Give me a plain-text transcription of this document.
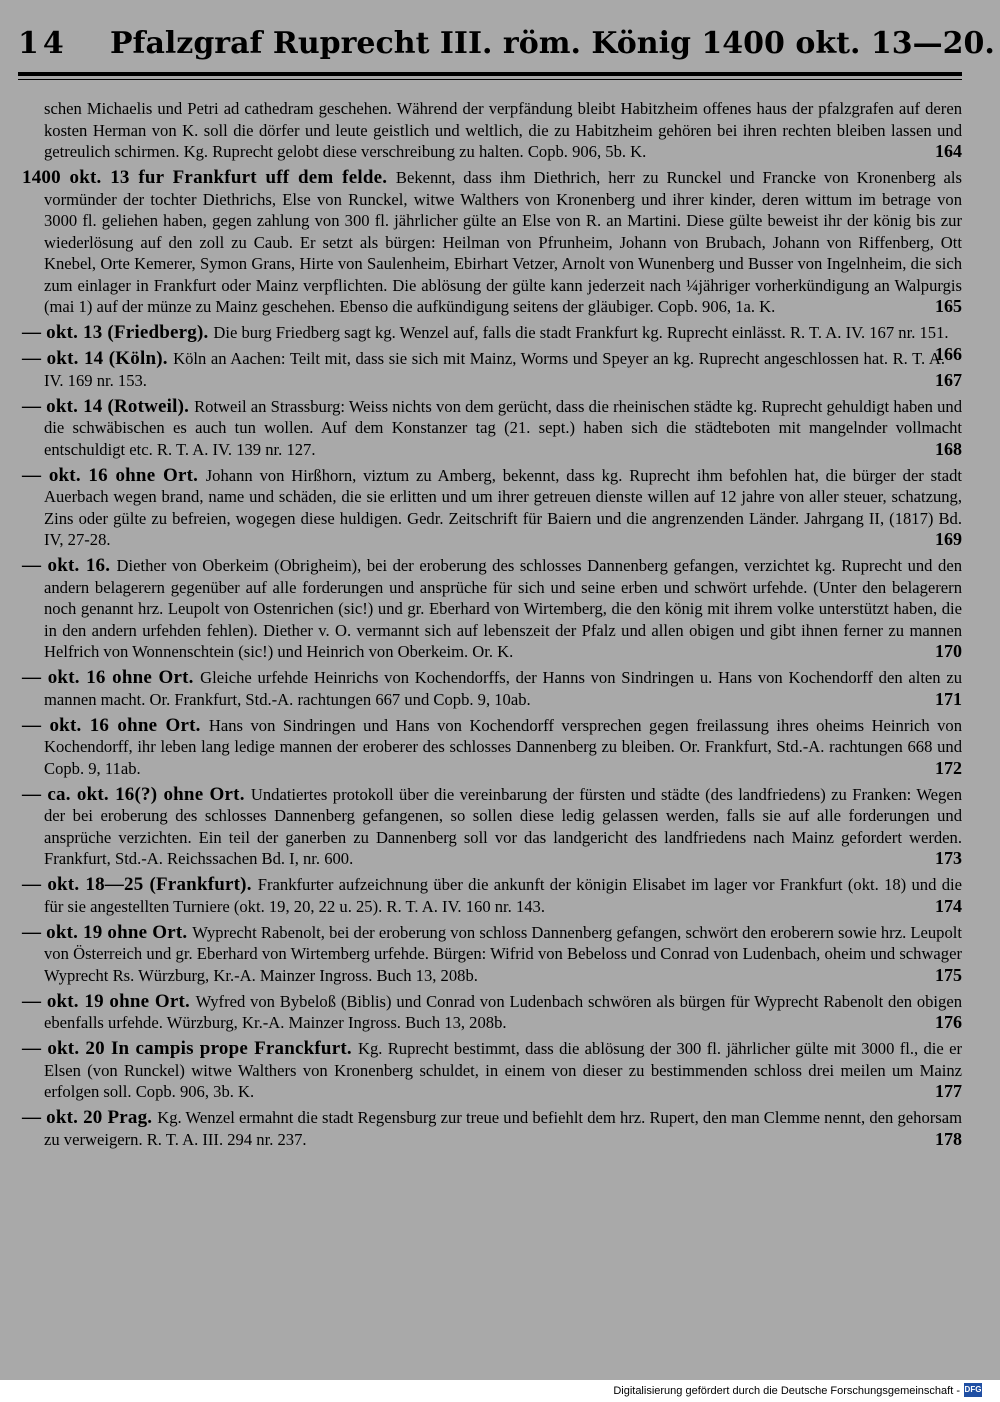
14 Pfalzgraf Ruprecht III. röm. König 1400 okt. 13—20.
schen Michaelis und Petri ad cathedram geschehen. Während der verpfändung bleibt Habitzheim offenes haus der pfalzgrafen auf deren kosten Herman von K. soll die dörfer und leute geistlich und weltlich, die zu Habitzheim gehören bei ihren rechten bleiben lassen und getreulich schirmen. Kg. Ruprecht gelobt diese verschreibung zu halten. Copb. 906, 5b. K.	164
1400 okt. 13 fur Frankfurt uff dem felde. Bekennt, dass ihm Diethrich, herr zu Runckel und Francke von Kronenberg als vormünder der tochter Diethrichs, Else von Runckel, witwe Walthers von Kronenberg und ihrer kinder, deren wittum im betrage von 3000 fl. geliehen haben, gegen zahlung von 300 fl. jährlicher gülte an Else von R. an Martini. Diese gülte beweist ihr der könig bis zur wiederlösung auf den zoll zu Caub. Er setzt als bürgen: Heilman von Pfrunheim, Johann von Brubach, Johann von Riffenberg, Ott Knebel, Orte Kemerer, Symon Grans, Hirte von Saulenheim, Ebirhart Vetzer, Arnolt von Wunenberg und Busser von Ingelnheim, die sich zum einlager in Frankfurt oder Mainz verpflichten. Die ablösung der gülte kann jederzeit nach ¼jähriger vorherkündigung an Walpurgis (mai 1) auf der münze zu Mainz geschehen. Ebenso die aufkündigung seitens der gläubiger. Copb. 906, 1a. K.	165
— okt. 13 (Friedberg). Die burg Friedberg sagt kg. Wenzel auf, falls die stadt Frankfurt kg. Ruprecht einlässt. R. T. A. IV. 167 nr. 151.
166
— okt. 14 (Köln). Köln an Aachen: Teilt mit, dass sie sich mit Mainz, Worms und Speyer an kg. Ruprecht angeschlossen hat. R. T. A. IV. 169 nr. 153.	167
— okt. 14 (Rotweil). Rotweil an Strassburg: Weiss nichts von dem gerücht, dass die rheinischen städte kg. Ruprecht gehuldigt haben und die schwäbischen es auch tun wollen. Auf dem Konstanzer tag (21. sept.) haben sich die städteboten mit mangelnder vollmacht entschuldigt etc. R. T. A. IV. 139 nr. 127.	168
— okt. 16 ohne Ort. Johann von Hirßhorn, viztum zu Amberg, bekennt, dass kg. Ruprecht ihm befohlen hat, die bürger der stadt Auerbach wegen brand, name und schäden, die sie erlitten und um ihrer getreuen dienste willen auf 12 jahre von aller steuer, schatzung, Zins oder gülte zu befreien, wogegen diese huldigen. Gedr. Zeitschrift für Baiern und die angrenzenden Länder. Jahrgang II, (1817) Bd. IV, 27-28.	169
— okt. 16. Diether von Oberkeim (Obrigheim), bei der eroberung des schlosses Dannenberg gefangen, verzichtet kg. Ruprecht und den andern belagerern gegenüber auf alle forderungen und ansprüche für sich und seine erben und schwört urfehde. (Unter den belagerern noch genannt hrz. Leupolt von Ostenrichen (sic!) und gr. Eberhard von Wirtemberg, die den könig mit ihrem volke unterstützt haben, die in den andern urfehden fehlen). Diether v. O. vermannt sich auf lebenszeit der Pfalz und allen obigen und gibt ihnen ferner zu mannen Helfrich von Wonnenschtein (sic!) und Heinrich von Oberkeim. Or. K.	170
— okt. 16 ohne Ort. Gleiche urfehde Heinrichs von Kochendorffs, der Hanns von Sindringen u. Hans von Kochendorff den alten zu mannen macht. Or. Frankfurt, Std.-A. rachtungen 667 und Copb. 9, 10ab.	171
— okt. 16 ohne Ort. Hans von Sindringen und Hans von Kochendorff versprechen gegen freilassung ihres oheims Heinrich von Kochendorff, ihr leben lang ledige mannen der eroberer des schlosses Dannenberg zu bleiben. Or. Frankfurt, Std.-A. rachtungen 668 und Copb. 9, 11ab.	172
— ca. okt. 16(?) ohne Ort. Undatiertes protokoll über die vereinbarung der fürsten und städte (des landfriedens) zu Franken: Wegen der bei eroberung des schlosses Dannenberg gefangenen, so sollen diese ledig gelassen werden, falls sie auf alle forderungen und ansprüche verzichten. Ein teil der ganerben zu Dannenberg soll vor das landgericht des landfriedens nach Mainz gefordert werden. Frankfurt, Std.-A. Reichssachen Bd. I, nr. 600.	173
— okt. 18—25 (Frankfurt). Frankfurter aufzeichnung über die ankunft der königin Elisabet im lager vor Frankfurt (okt. 18) und die für sie angestellten Turniere (okt. 19, 20, 22 u. 25). R. T. A. IV. 160 nr. 143.	174
— okt. 19 ohne Ort. Wyprecht Rabenolt, bei der eroberung von schloss Dannenberg gefangen, schwört den eroberern sowie hrz. Leupolt von Österreich und gr. Eberhard von Wirtemberg urfehde. Bürgen: Wifrid von Bebeloss und Conrad von Ludenbach, oheim und schwager Wyprecht Rs. Würzburg, Kr.-A. Mainzer Ingross. Buch 13, 208b.	175
— okt. 19 ohne Ort. Wyfred von Bybeloß (Biblis) und Conrad von Ludenbach schwören als bürgen für Wyprecht Rabenolt den obigen ebenfalls urfehde. Würzburg, Kr.-A. Mainzer Ingross. Buch 13, 208b.	176
— okt. 20 In campis prope Franckfurt. Kg. Ruprecht bestimmt, dass die ablösung der 300 fl. jährlicher gülte mit 3000 fl., die er Elsen (von Runckel) witwe Walthers von Kronenberg schuldet, in einem von dieser zu bestimmenden schloss drei meilen um Mainz erfolgen soll. Copb. 906, 3b. K.	177
— okt. 20 Prag. Kg. Wenzel ermahnt die stadt Regensburg zur treue und befiehlt dem hrz. Rupert, den man Clemme nennt, den gehorsam zu verweigern. R. T. A. III. 294 nr. 237.	178
Digitalisierung gefördert durch die Deutsche Forschungsgemeinschaft - DFG
